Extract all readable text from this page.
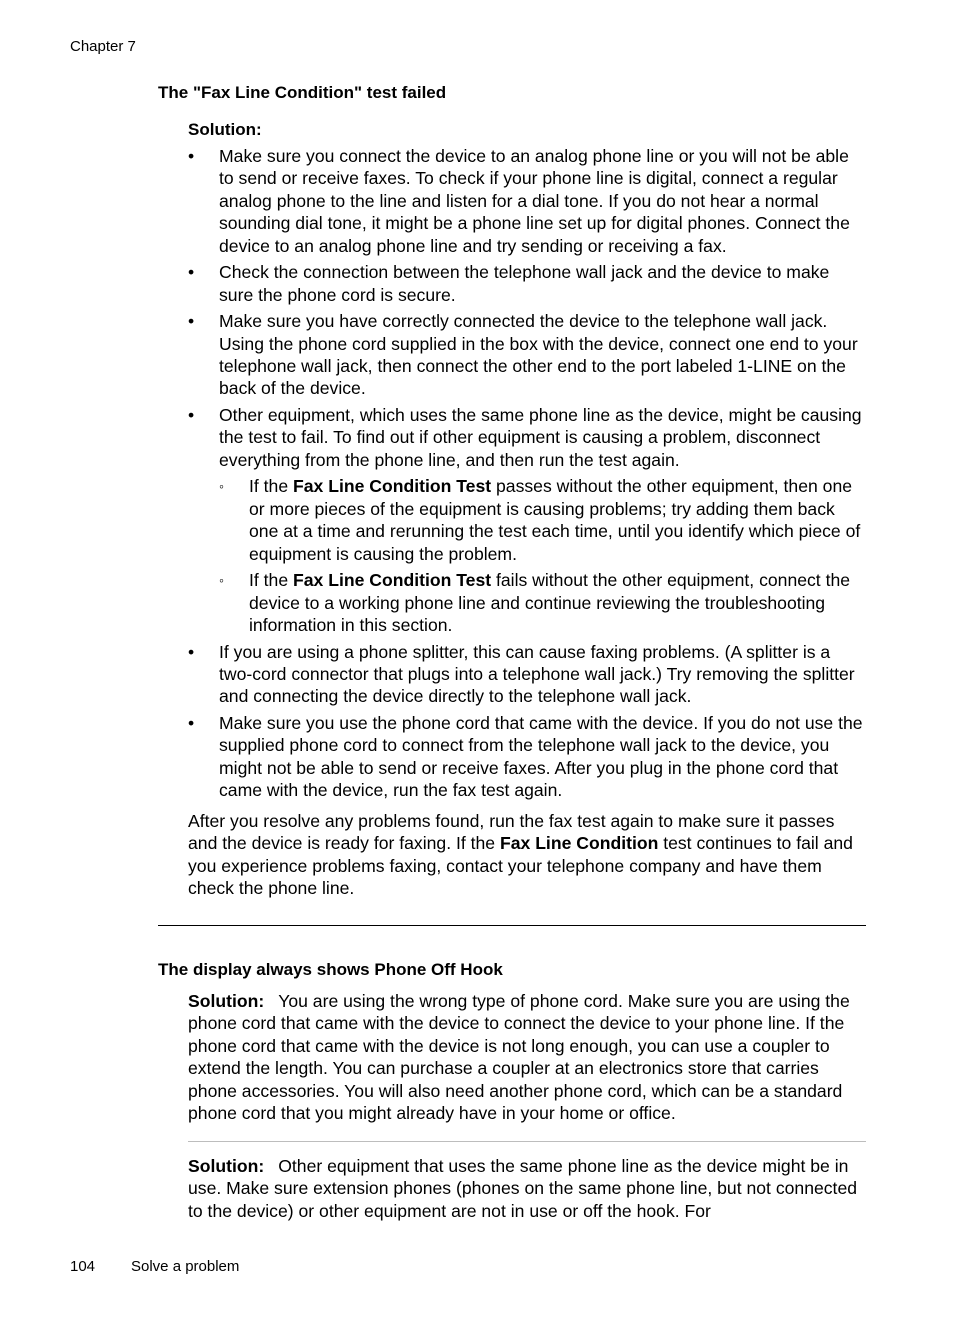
Chapter 7
The "Fax Line Condition" test failed
Solution:
• Make sure you connect the device to an analog phone line or you will not be able to send or receive faxes. To check if your phone line is digital, connect a regular analog phone to the line and listen for a dial tone. If you do not hear a normal sounding dial tone, it might be a phone line set up for digital phones. Connect the device to an analog phone line and try sending or receiving a fax.
• Check the connection between the telephone wall jack and the device to make sure the phone cord is secure.
• Make sure you have correctly connected the device to the telephone wall jack. Using the phone cord supplied in the box with the device, connect one end to your telephone wall jack, then connect the other end to the port labeled 1-LINE on the back of the device.
• Other equipment, which uses the same phone line as the device, might be causing the test to fail. To find out if other equipment is causing a problem, disconnect everything from the phone line, and then run the test again.
◦ If the Fax Line Condition Test passes without the other equipment, then one or more pieces of the equipment is causing problems; try adding them back one at a time and rerunning the test each time, until you identify which piece of equipment is causing the problem.
◦ If the Fax Line Condition Test fails without the other equipment, connect the device to a working phone line and continue reviewing the troubleshooting information in this section.
• If you are using a phone splitter, this can cause faxing problems. (A splitter is a two-cord connector that plugs into a telephone wall jack.) Try removing the splitter and connecting the device directly to the telephone wall jack.
• Make sure you use the phone cord that came with the device. If you do not use the supplied phone cord to connect from the telephone wall jack to the device, you might not be able to send or receive faxes. After you plug in the phone cord that came with the device, run the fax test again.
After you resolve any problems found, run the fax test again to make sure it passes and the device is ready for faxing. If the Fax Line Condition test continues to fail and you experience problems faxing, contact your telephone company and have them check the phone line.
The display always shows Phone Off Hook
Solution: You are using the wrong type of phone cord. Make sure you are using the phone cord that came with the device to connect the device to your phone line. If the phone cord that came with the device is not long enough, you can use a coupler to extend the length. You can purchase a coupler at an electronics store that carries phone accessories. You will also need another phone cord, which can be a standard phone cord that you might already have in your home or office.
Solution: Other equipment that uses the same phone line as the device might be in use. Make sure extension phones (phones on the same phone line, but not connected to the device) or other equipment are not in use or off the hook. For
104 Solve a problem
